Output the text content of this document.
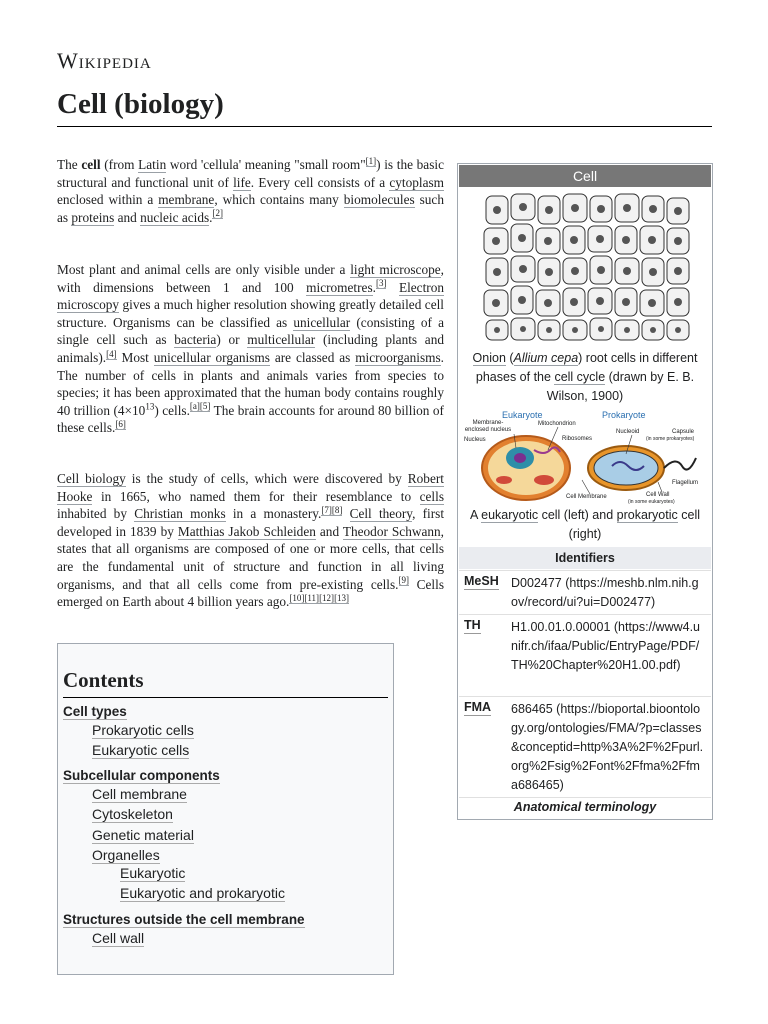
Wikipedia
Cell (biology)

The cell (from Latin word 'cellula' meaning "small room"[1]) is the basic structural and functional unit of life. Every cell consists of a cytoplasm enclosed within a membrane, which contains many biomolecules such as proteins and nucleic acids.[2]

Most plant and animal cells are only visible under a light microscope, with dimensions between 1 and 100 micrometres.[3] Electron microscopy gives a much higher resolution showing greatly detailed cell structure. Organisms can be classified as unicellular (consisting of a single cell such as bacteria) or multicellular (including plants and animals).[4] Most unicellular organisms are classed as microorganisms. The number of cells in plants and animals varies from species to species; it has been approximated that the human body contains roughly 40 trillion $(4\times 10^{13})$ cells.[a][5] The brain accounts for around 80 billion of these cells.[6]

Cell biology is the study of cells, which were discovered by Robert Hooke in 1665, who named them for their resemblance to cells inhabited by Christian monks in a monastery.[7][8] Cell theory, first developed in 1839 by Matthias Jakob Schleiden and Theodor Schwann, states that all organisms are composed of one or more cells, that cells are the fundamental unit of structure and function in all living organisms, and that all cells come from pre-existing cells.[9] Cells emerged on Earth about 4 billion years ago.[10][11][12][13]

Contents
Cell types
Prokaryotic cells
Eukaryotic cells
Subcellular components
Cell membrane
Cytoskeleton
Genetic material
Organelles
Eukaryotic
Eukaryotic and prokaryotic
Structures outside the cell membrane
Cell wall
Cell
Onion (Allium cepa) root cells in different phases of the cell cycle (drawn by E. B. Wilson, 1900)
Eukaryote	Prokaryote
Membrane-enclosed nucleus
Nucleus
Mitochondrion
Ribosomes
Nucleoid	Capsule
(in some prokaryotes)
Flagellum
Cell Membrane	Cell Wall
(in some eukaryotes)
A eukaryotic cell (left) and prokaryotic cell (right)
Identifiers
MeSH D002477 (https://meshb.nlm.nih.gov/record/ui?ui=D002477)
TH H1.00.01.0.00001 (https://www4.unifr.ch/ifaa/Public/EntryPage/PDF/TH%20Chapter%20H1.00.pdf)
FMA 686465 (https://bioportal.bioontology.org/ontologies/FMA/?p=classes&conceptid=http%3A%2F%2Fpurl.org%2Fsig%2Font%2Ffma%2Ffma686465)
Anatomical terminology
